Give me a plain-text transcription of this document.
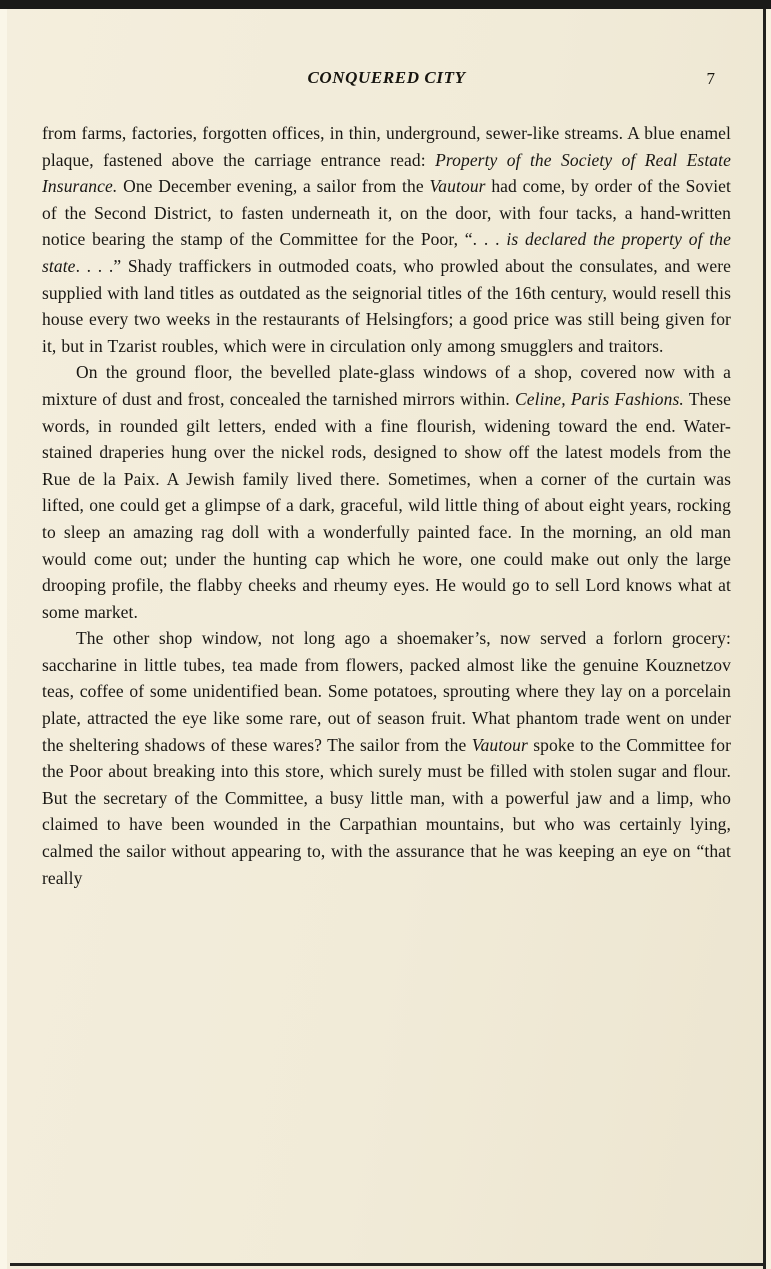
CONQUERED CITY	7

from farms, factories, forgotten offices, in thin, underground, sewer-like streams. A blue enamel plaque, fastened above the carriage entrance read: Property of the Society of Real Estate Insurance. One December evening, a sailor from the Vautour had come, by order of the Soviet of the Second District, to fasten underneath it, on the door, with four tacks, a hand-written notice bearing the stamp of the Committee for the Poor, “. . . is declared the property of the state. . . .” Shady traffickers in outmoded coats, who prowled about the consulates, and were supplied with land titles as outdated as the seignorial titles of the 16th century, would resell this house every two weeks in the restaurants of Helsingfors; a good price was still being given for it, but in Tzarist roubles, which were in circulation only among smugglers and traitors.

On the ground floor, the bevelled plate-glass windows of a shop, covered now with a mixture of dust and frost, concealed the tarnished mirrors within. Celine, Paris Fashions. These words, in rounded gilt letters, ended with a fine flourish, widening toward the end. Water-stained draperies hung over the nickel rods, designed to show off the latest models from the Rue de la Paix. A Jewish family lived there. Sometimes, when a corner of the curtain was lifted, one could get a glimpse of a dark, graceful, wild little thing of about eight years, rocking to sleep an amazing rag doll with a wonderfully painted face. In the morning, an old man would come out; under the hunting cap which he wore, one could make out only the large drooping profile, the flabby cheeks and rheumy eyes. He would go to sell Lord knows what at some market.

The other shop window, not long ago a shoemaker’s, now served a forlorn grocery: saccharine in little tubes, tea made from flowers, packed almost like the genuine Kouznetzov teas, coffee of some unidentified bean. Some potatoes, sprouting where they lay on a porcelain plate, attracted the eye like some rare, out of season fruit. What phantom trade went on under the sheltering shadows of these wares? The sailor from the Vautour spoke to the Committee for the Poor about breaking into this store, which surely must be filled with stolen sugar and flour. But the secretary of the Committee, a busy little man, with a powerful jaw and a limp, who claimed to have been wounded in the Carpathian mountains, but who was certainly lying, calmed the sailor without appearing to, with the assurance that he was keeping an eye on “that really
